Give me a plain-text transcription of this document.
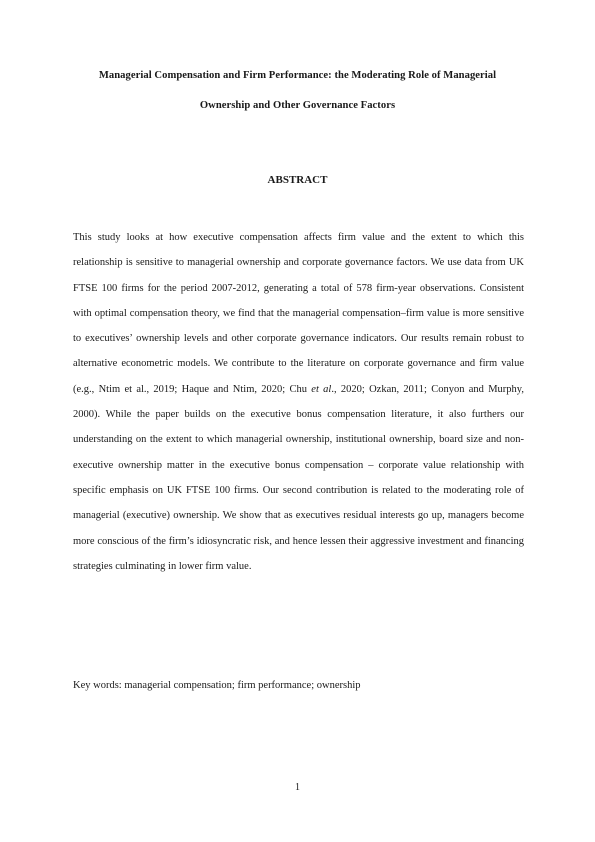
Managerial Compensation and Firm Performance: the Moderating Role of Managerial
Ownership and Other Governance Factors
ABSTRACT

This study looks at how executive compensation affects firm value and the extent to which this relationship is sensitive to managerial ownership and corporate governance factors. We use data from UK FTSE 100 firms for the period 2007-2012, generating a total of 578 firm-year observations. Consistent with optimal compensation theory, we find that the managerial compensation–firm value is more sensitive to executives’ ownership levels and other corporate governance indicators. Our results remain robust to alternative econometric models. We contribute to the literature on corporate governance and firm value (e.g., Ntim et al., 2019; Haque and Ntim, 2020; Chu et al., 2020; Ozkan, 2011; Conyon and Murphy, 2000). While the paper builds on the executive bonus compensation literature, it also furthers our understanding on the extent to which managerial ownership, institutional ownership, board size and non-executive ownership matter in the executive bonus compensation – corporate value relationship with specific emphasis on UK FTSE 100 firms. Our second contribution is related to the moderating role of managerial (executive) ownership. We show that as executives residual interests go up, managers become more conscious of the firm’s idiosyncratic risk, and hence lessen their aggressive investment and financing strategies culminating in lower firm value.

Key words: managerial compensation; firm performance; ownership
1
